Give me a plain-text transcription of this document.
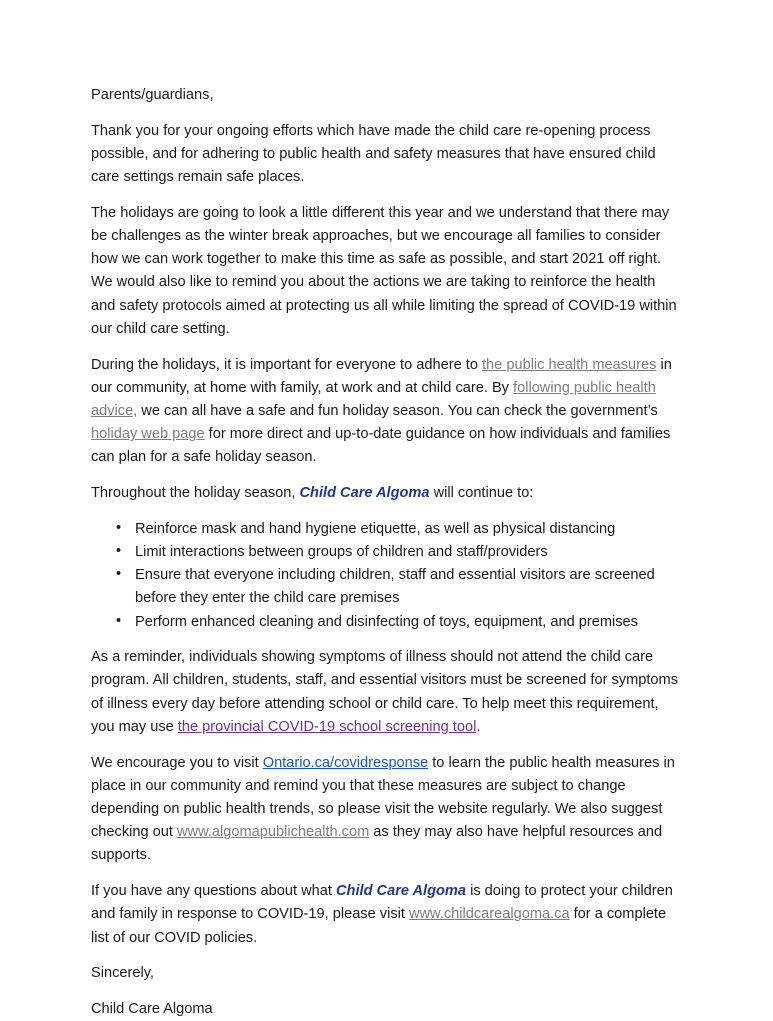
Parents/guardians,

Thank you for your ongoing efforts which have made the child care re-opening process possible, and for adhering to public health and safety measures that have ensured child care settings remain safe places.

The holidays are going to look a little different this year and we understand that there may be challenges as the winter break approaches, but we encourage all families to consider how we can work together to make this time as safe as possible, and start 2021 off right. We would also like to remind you about the actions we are taking to reinforce the health and safety protocols aimed at protecting us all while limiting the spread of COVID-19 within our child care setting.

During the holidays, it is important for everyone to adhere to the public health measures in our community, at home with family, at work and at child care. By following public health advice, we can all have a safe and fun holiday season. You can check the government’s holiday web page for more direct and up-to-date guidance on how individuals and families can plan for a safe holiday season.

Throughout the holiday season, Child Care Algoma will continue to:

• Reinforce mask and hand hygiene etiquette, as well as physical distancing
• Limit interactions between groups of children and staff/providers
• Ensure that everyone including children, staff and essential visitors are screened before they enter the child care premises
• Perform enhanced cleaning and disinfecting of toys, equipment, and premises

As a reminder, individuals showing symptoms of illness should not attend the child care program. All children, students, staff, and essential visitors must be screened for symptoms of illness every day before attending school or child care. To help meet this requirement, you may use the provincial COVID-19 school screening tool.

We encourage you to visit Ontario.ca/covidresponse to learn the public health measures in place in our community and remind you that these measures are subject to change depending on public health trends, so please visit the website regularly. We also suggest checking out www.algomapublichealth.com as they may also have helpful resources and supports.

If you have any questions about what Child Care Algoma is doing to protect your children and family in response to COVID-19, please visit www.childcarealgoma.ca for a complete list of our COVID policies.

Sincerely,

Child Care Algoma
